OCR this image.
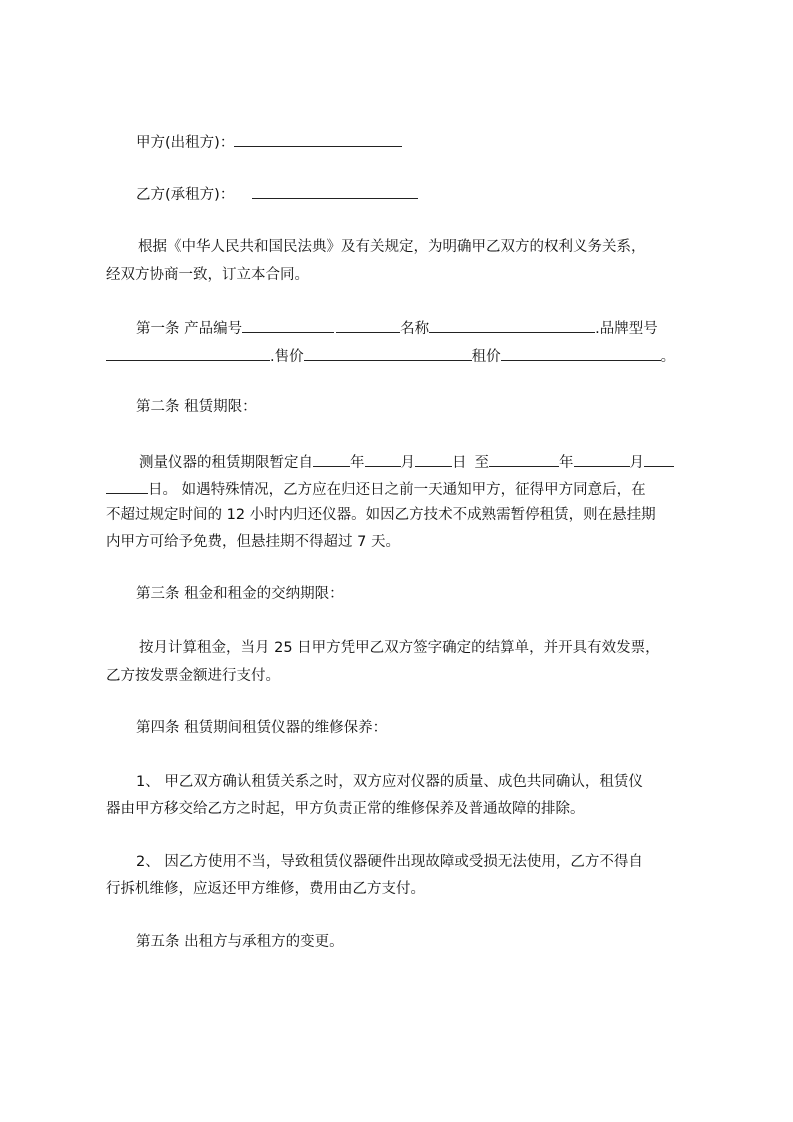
甲方(出租方)：
乙方(承租方)：
根据《中华人民共和国民法典》及有关规定，为明确甲乙双方的权利义务关系，
经双方协商一致，订立本合同。
第一条 产品编号	名称	.品牌型号
.售价	租价	。
第二条 租赁期限：
测量仪器的租赁期限暂定自	年 月	日 至	年	月
日。 如遇特殊情况，乙方应在归还日之前一天通知甲方，征得甲方同意后，在
不超过规定时间的 12 小时内归还仪器。如因乙方技术不成熟需暂停租赁，则在悬挂期
内甲方可给予免费，但悬挂期不得超过 7 天。
第三条 租金和租金的交纳期限：
按月计算租金，当月 25 日甲方凭甲乙双方签字确定的结算单，并开具有效发票，
乙方按发票金额进行支付。
第四条 租赁期间租赁仪器的维修保养：
1、 甲乙双方确认租赁关系之时，双方应对仪器的质量、成色共同确认，租赁仪
器由甲方移交给乙方之时起，甲方负责正常的维修保养及普通故障的排除。
2、 因乙方使用不当，导致租赁仪器硬件出现故障或受损无法使用，乙方不得自
行拆机维修，应返还甲方维修，费用由乙方支付。
第五条 出租方与承租方的变更。
